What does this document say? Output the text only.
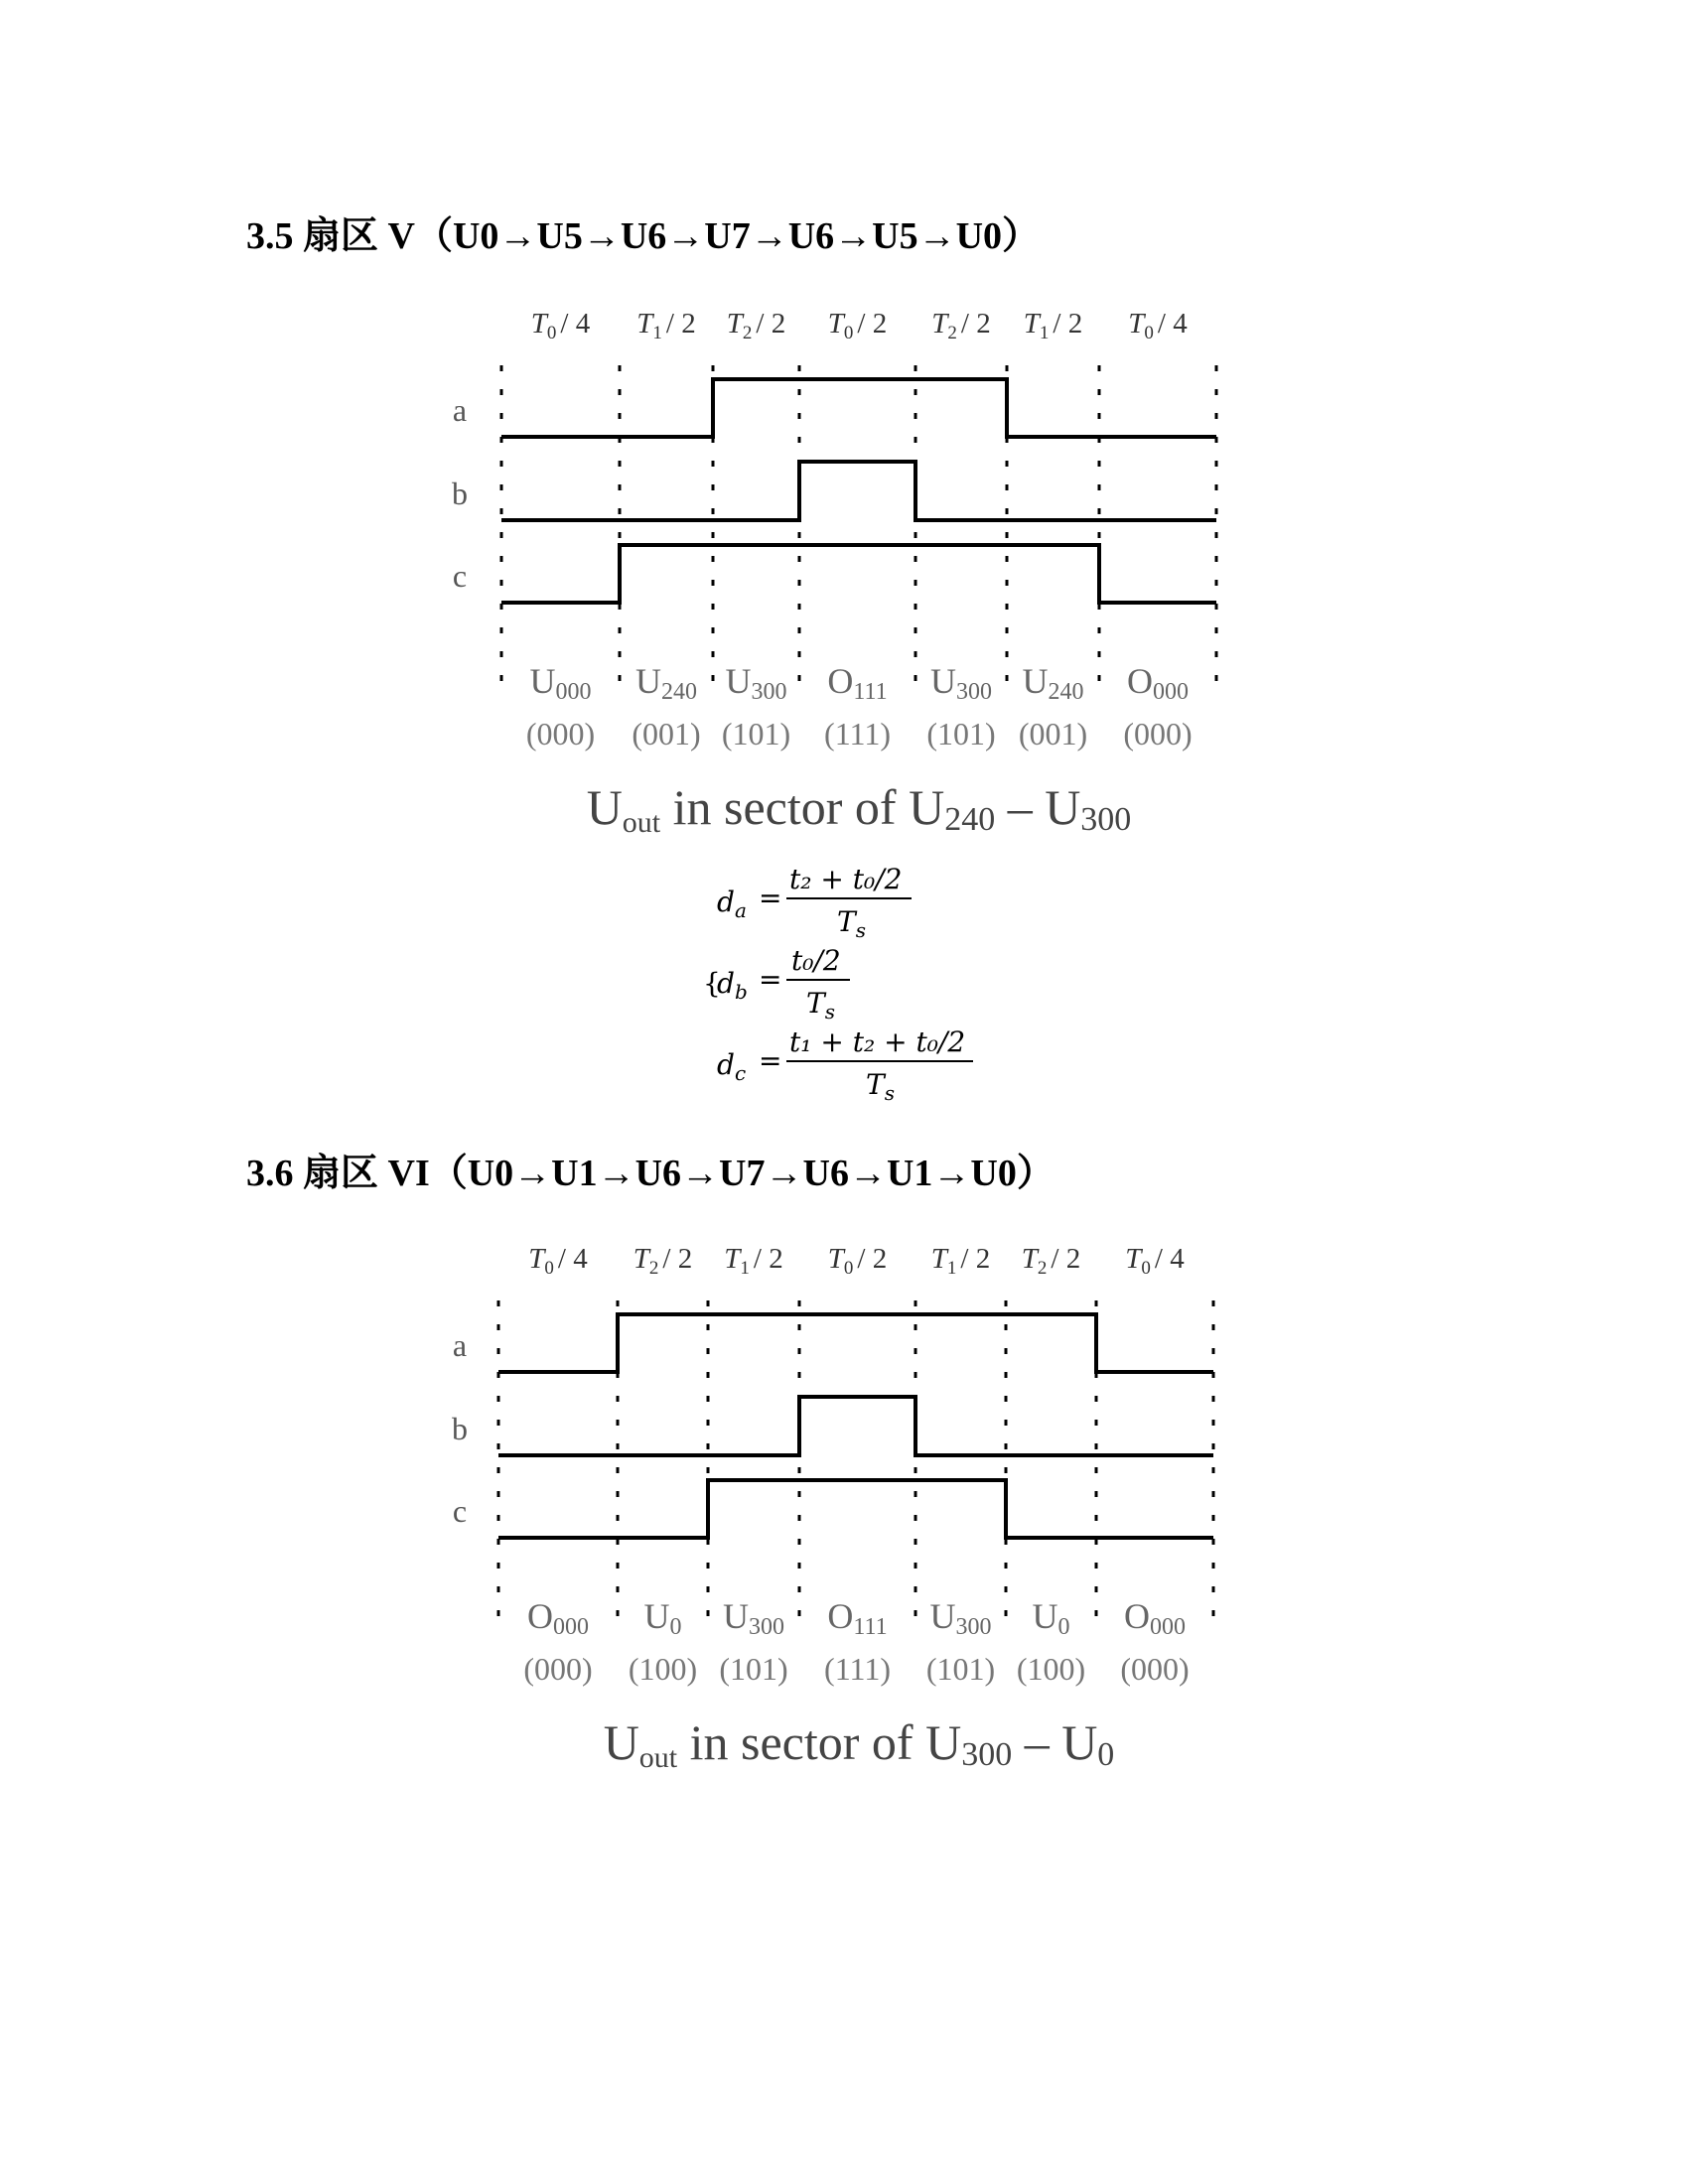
3.5 扇区 V（U0→U5→U6→U7→U6→U5→U0）
$T_0 / 4$ $T_1 / 2$ $T_2 / 2$ $T_0 / 2$ $T_2 / 2$ $T_1 / 2$ $T_0 / 4$
a
b
c
U000
(000)
U240
(001)
U300
(101)
O111
(111)
U300
(101)
U240
(001)
O000
(000)
Uout in sector of U240 – U300
{
$d_a$ =
t₂ + t₀/2
$T_s$
$d_b$ =
t₀/2
$T_s$
$d_c$ =
t₁ + t₂ + t₀/2
$T_s$
3.6 扇区 VI（U0→U1→U6→U7→U6→U1→U0）
$T_0 / 4$ $T_2 / 2$ $T_1 / 2$ $T_0 / 2$ $T_1 / 2$ $T_2 / 2$ $T_0 / 4$
a
b
c
O000
(000)
U0
(100)
U300
(101)
O111
(111)
U300
(101)
U0
(100)
O000
(000)
Uout in sector of U300 – U0
